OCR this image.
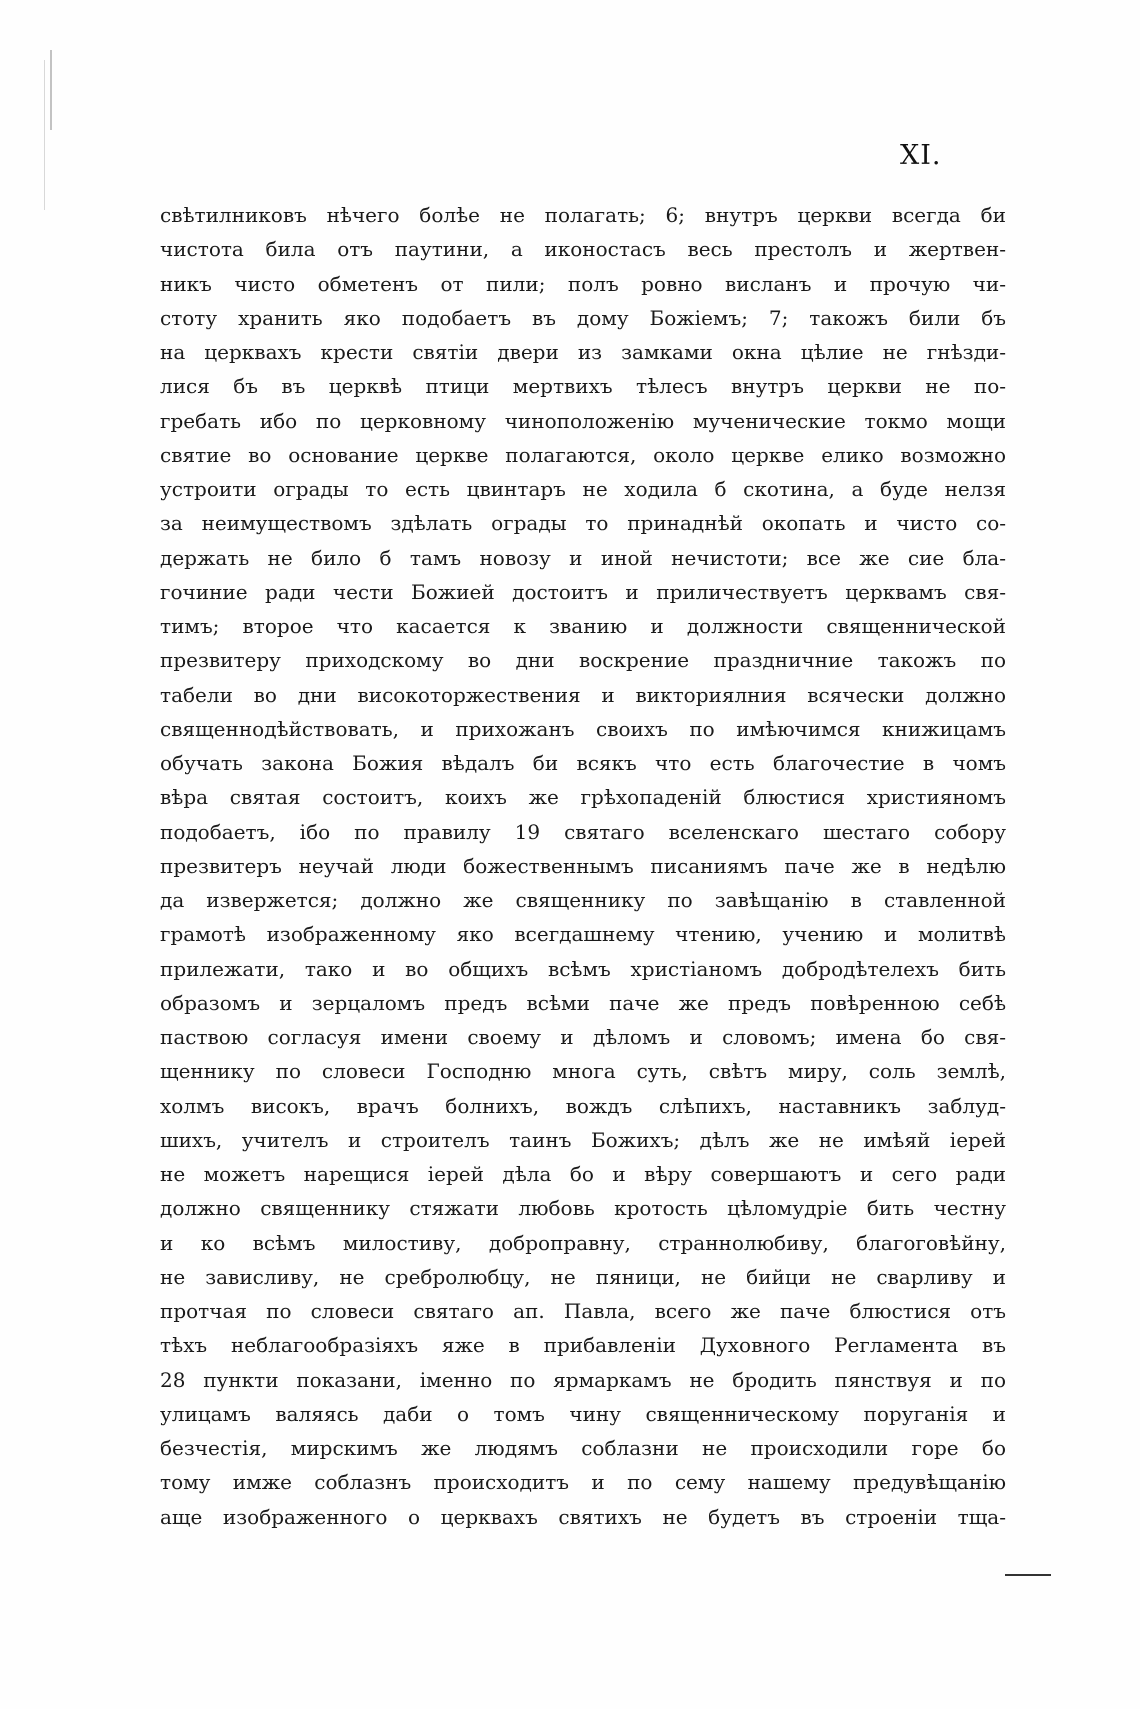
XI.
свѣтилниковъ нѣчего болѣе не полагать; 6; внутръ церкви всегда би
чистота била отъ паутини, а иконостасъ весь престолъ и жертвен-
никъ чисто обметенъ от пили; полъ ровно висланъ и прочую чи-
стоту хранить яко подобаетъ въ дому Божіемъ; 7; такожъ били бъ
на церквахъ крести святіи двери из замками окна цѣлие не гнѣзди-
лися бъ въ церквѣ птици мертвихъ тѣлесъ внутръ церкви не по-
гребать ибо по церковному чиноположенію мученические токмо мощи
святие во основание церкве полагаются, около церкве елико возможно
устроити ограды то есть цвинтаръ не ходила б скотина, а буде нелзя
за неимуществомъ здѣлать ограды то принаднѣй окопать и чисто со-
держать не било б тамъ новозу и иной нечистоти; все же сие бла-
гочиние ради чести Божией достоитъ и приличествуетъ церквамъ свя-
тимъ; второе что касается к званию и должности священнической
презвитеру приходскому во дни воскрение праздничние такожъ по
табели во дни високоторжествения и викториялния всячески должно
священнодѣйствовать, и прихожанъ своихъ по имѣючимся книжицамъ
обучать закона Божия вѣдалъ би всякъ что есть благочестие в чомъ
вѣра святая состоитъ, коихъ же грѣхопаденій блюстися християномъ
подобаетъ, ібо по правилу 19 святаго вселенскаго шестаго собору
презвитеръ неучай люди божественнымъ писаниямъ паче же в недѣлю
да извержется; должно же священнику по завѣщанію в ставленной
грамотѣ изображенному яко всегдашнему чтению, учению и молитвѣ
прилежати, тако и во общихъ всѣмъ христіаномъ добродѣтелехъ бить
образомъ и зерцаломъ предъ всѣми паче же предъ повѣренною себѣ
паствою согласуя имени своему и дѣломъ и словомъ; имена бо свя-
щеннику по словеси Господню многа суть, свѣтъ миру, соль землѣ,
холмъ високъ, врачъ болнихъ, вождъ слѣпихъ, наставникъ заблуд-
шихъ, учителъ и строителъ таинъ Божихъ; дѣлъ же не имѣяй іерей
не можетъ нарещися іерей дѣла бо и вѣру совершаютъ и сего ради
должно священнику стяжати любовь кротость цѣломудріе бить честну
и ко всѣмъ милостиву, доброправну, страннолюбиву, благоговѣйну,
не зависливу, не сребролюбцу, не пяници, не бийци не сварливу и
протчая по словеси святаго ап. Павла, всего же паче блюстися отъ
тѣхъ неблагообразіяхъ яже в прибавленіи Духовного Регламента въ
28 пункти показани, іменно по ярмаркамъ не бродить пянствуя и по
улицамъ валяясь даби о томъ чину священническому поруганія и
безчестія, мирскимъ же людямъ соблазни не происходили горе бо
тому имже соблазнъ происходитъ и по сему нашему предувѣщанію
аще изображенного о церквахъ святихъ не будетъ въ строеніи тща-
